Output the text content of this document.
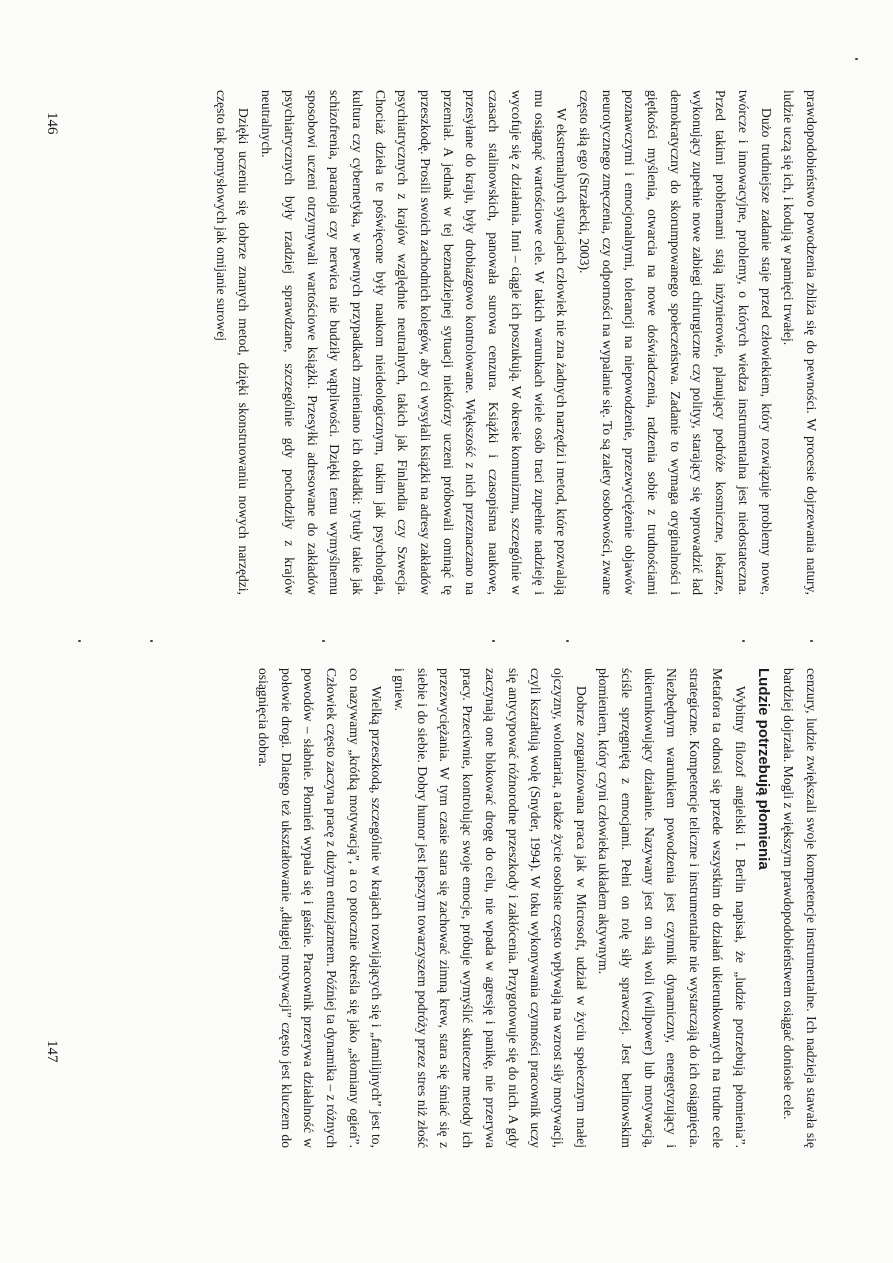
prawdopodobieństwo powodzenia zbliża się do pewności. W procesie dojrzewania natury, ludzie uczą się ich, i kodują w pamięci trwałej.

Dużo trudniejsze zadanie staje przed człowiekiem, który rozwiązuje problemy nowe, twórcze i innowacyjne, problemy, o których wiedza instrumentalna jest niedostateczna. Przed takimi problemami stają inżynierowie, planujący podróże kosmiczne, lekarze, wykonujący zupełnie nowe zabiegi chirurgiczne czy polityy, starający się wprowadzić ład demokratyczny do skorumpowanego społeczeństwa. Zadanie to wymaga oryginalności i giętkości myślenia, otwarcia na nowe doświadczenia, radzenia sobie z trudnościami poznawczymi i emocjonalnymi, tolerancji na niepowodzenie, przezwyciężenie objawów neurotycznego zmęczenia, czy odporności na wypalanie się. To są zalety osobowości, zwane często siłą ego (Strzałecki, 2003).

W ekstremalnych sytuacjach człowiek nie zna żadnych narzędzi i metod, które pozwalają mu osiągnąć wartościowe cele. W takich warunkach wiele osób traci zupełnie nadzieję i wycofuje się z działania. Inni – ciągle ich poszukują. W okresie komunizmu, szczególnie w czasach stalinowskich, panowała surowa cenzura. Książki i czasopisma naukowe, przesyłane do kraju, były drobiazgowo kontrolowane. Większość z nich przeznaczano na przemiał. A jednak w tej beznadziejnej sytuacji niektórzy uczeni próbowali ominąć tę przeszkodę. Prosili swoich zachodnich kolegów, aby ci wysyłali książki na adresy zakładów psychiatrycznych z krajów względnie neutralnych, takich jak Finlandia czy Szwecja. Chociaż dzieła te poświęcone były naukom nieideologicznym, takim jak psychologia, kultura czy cybernetyka, w pewnych przypadkach zmieniano ich okładki: tytuły takie jak schizofrenia, paranoja czy nerwica nie budziły wątpliwości. Dzięki temu wymyślnemu sposobowi uczeni otrzymywali wartościowe książki. Przesyłki adresowane do zakładów psychiatrycznych były rzadziej sprawdzane, szczególnie gdy pochodziły z krajów neutralnych.

Dzięki uczeniu się dobrze znanych metod, dzięki skonstruowaniu nowych narzędzi, często tak pomysłowych jak omijanie surowej

cenzury, ludzie zwiększali swoje kompetencje instrumentalne. Ich nadzieja stawała się bardziej dojrzała. Mogli z większym prawdopodobieństwem osiągać doniosłe cele.

Ludzie potrzebują płomienia

Wybitny filozof angielski I. Berlin napisał, że „ludzie potrzebują płomienia”. Metafora ta odnosi się przede wszystkim do działań ukierunkowanych na trudne cele strategiczne. Kompetencje teliczne i instrumentalne nie wystarczają do ich osiągnięcia. Niezbędnym warunkiem powodzenia jest czynnik dynamiczny, energetyzujący i ukierunkowujący działanie. Nazywany jest on siłą woli (willpower) lub motywacją, ściśle sprzęgniętą z emocjami. Pełni on rolę siły sprawczej. Jest berlinowskim płomieniem, który czyni człowieka układem aktywnym.

Dobrze zorganizowana praca jak w Microsoft, udział w życiu społecznym małej ojczyzny, wolontariat, a także życie osobiste często wpływają na wzrost siły motywacji, czyli kształtują wolę (Snyder, 1994). W toku wykonywania czynności pracownik uczy się antycypować różnorodne przeszkody i zakłócenia. Przygotowuje się do nich. A gdy zaczynają one blokować drogę do celu, nie wpada w agresję i panikę, nie przerywa pracy. Przeciwnie, kontrolując swoje emocje, próbuje wymyślić skuteczne metody ich przezwyciężania. W tym czasie stara się zachować zimną krew, stara się śmiać się z siebie i do siebie. Dobry humor jest lepszym towarzyszem podróży przez stres niż złość i gniew.

Wielką przeszkodą, szczególnie w krajach rozwijających się i „familijnych” jest to, co nazywamy „krótką motywacją”, a co potocznie określa się jako „słomiany ogień”. Człowiek często zaczyna pracę z dużym entuzjazmem. Później ta dynamika – z różnych powodów – słabnie. Płomień wypala się i gaśnie. Pracownik przerywa działalność w połowie drogi. Dlatego też ukształtowanie „długiej motywacji” często jest kluczem do osiągnięcia dobra.

146
147
